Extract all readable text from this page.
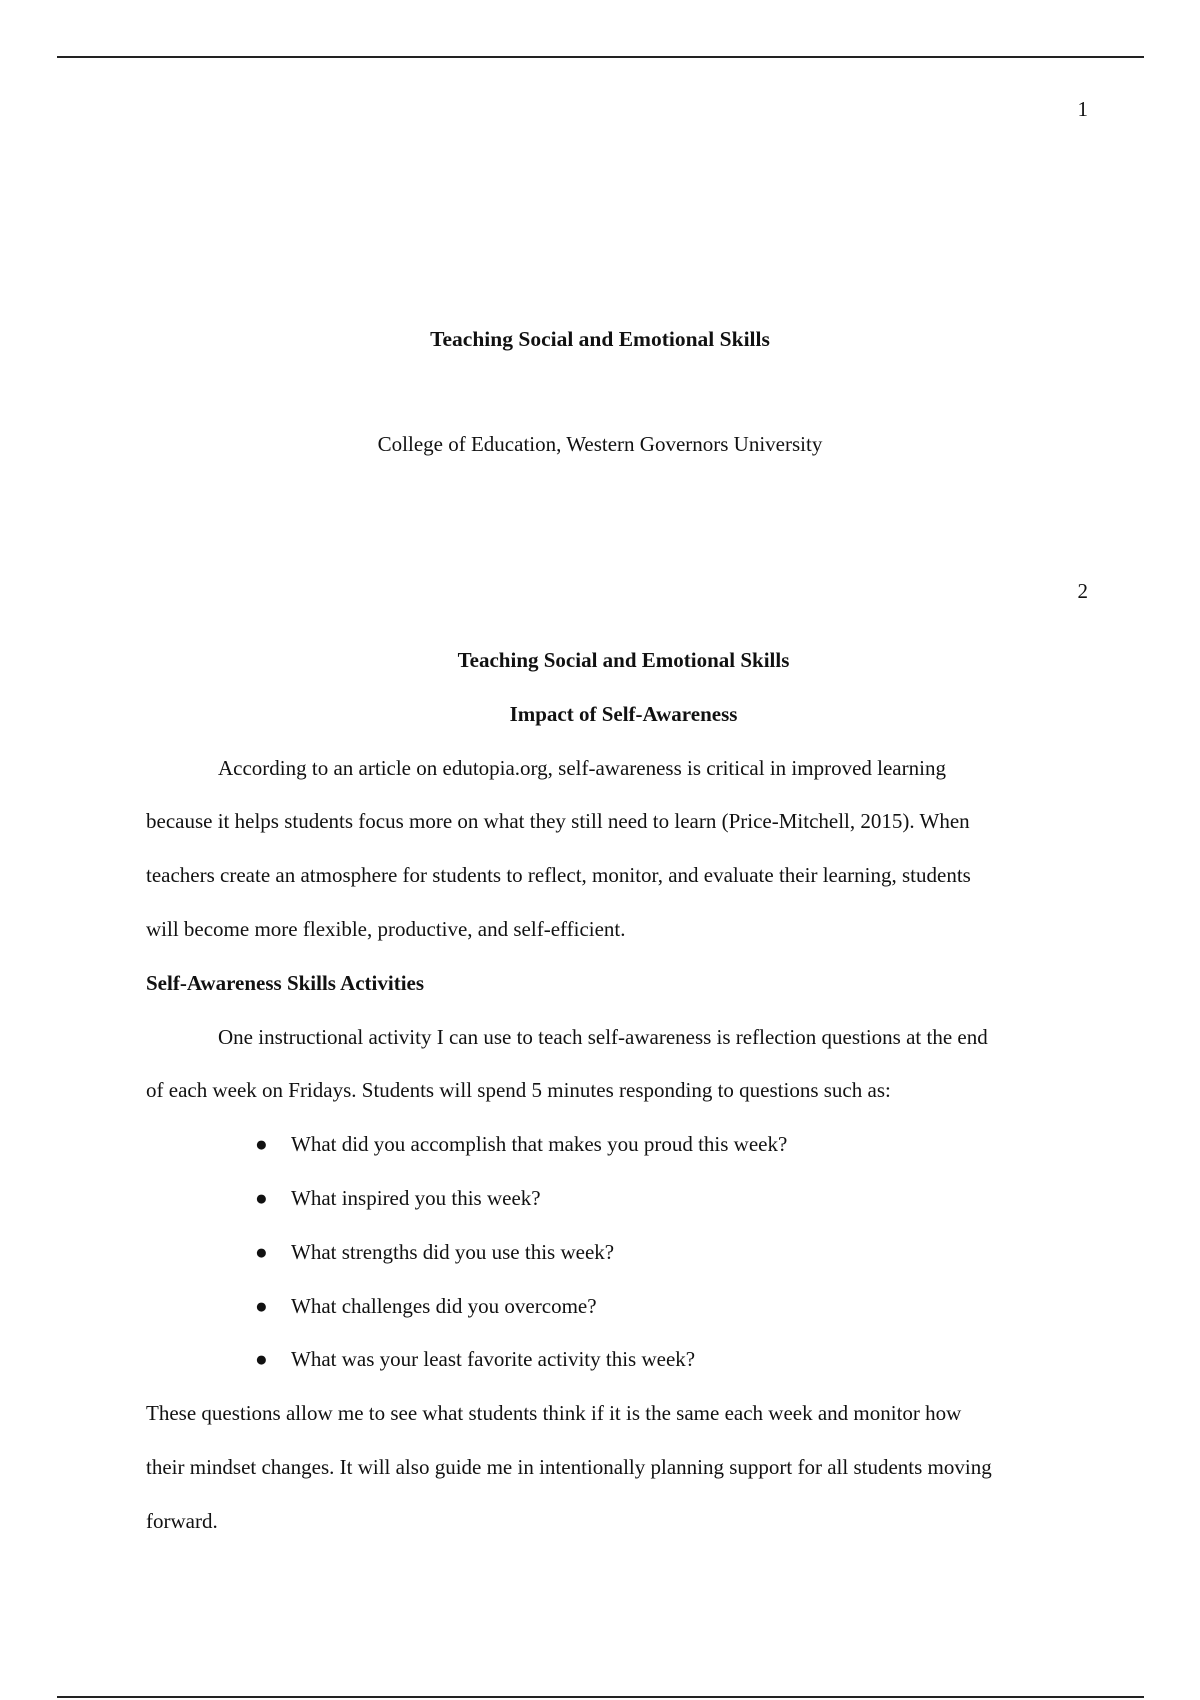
1
Teaching Social and Emotional Skills
College of Education, Western Governors University
2
Teaching Social and Emotional Skills
Impact of Self-Awareness
According to an article on edutopia.org, self-awareness is critical in improved learning
because it helps students focus more on what they still need to learn (Price-Mitchell, 2015). When
teachers create an atmosphere for students to reflect, monitor, and evaluate their learning, students
will become more flexible, productive, and self-efficient.
Self-Awareness Skills Activities
One instructional activity I can use to teach self-awareness is reflection questions at the end
of each week on Fridays. Students will spend 5 minutes responding to questions such as:
● What did you accomplish that makes you proud this week?
● What inspired you this week?
● What strengths did you use this week?
● What challenges did you overcome?
● What was your least favorite activity this week?
These questions allow me to see what students think if it is the same each week and monitor how
their mindset changes. It will also guide me in intentionally planning support for all students moving
forward.
